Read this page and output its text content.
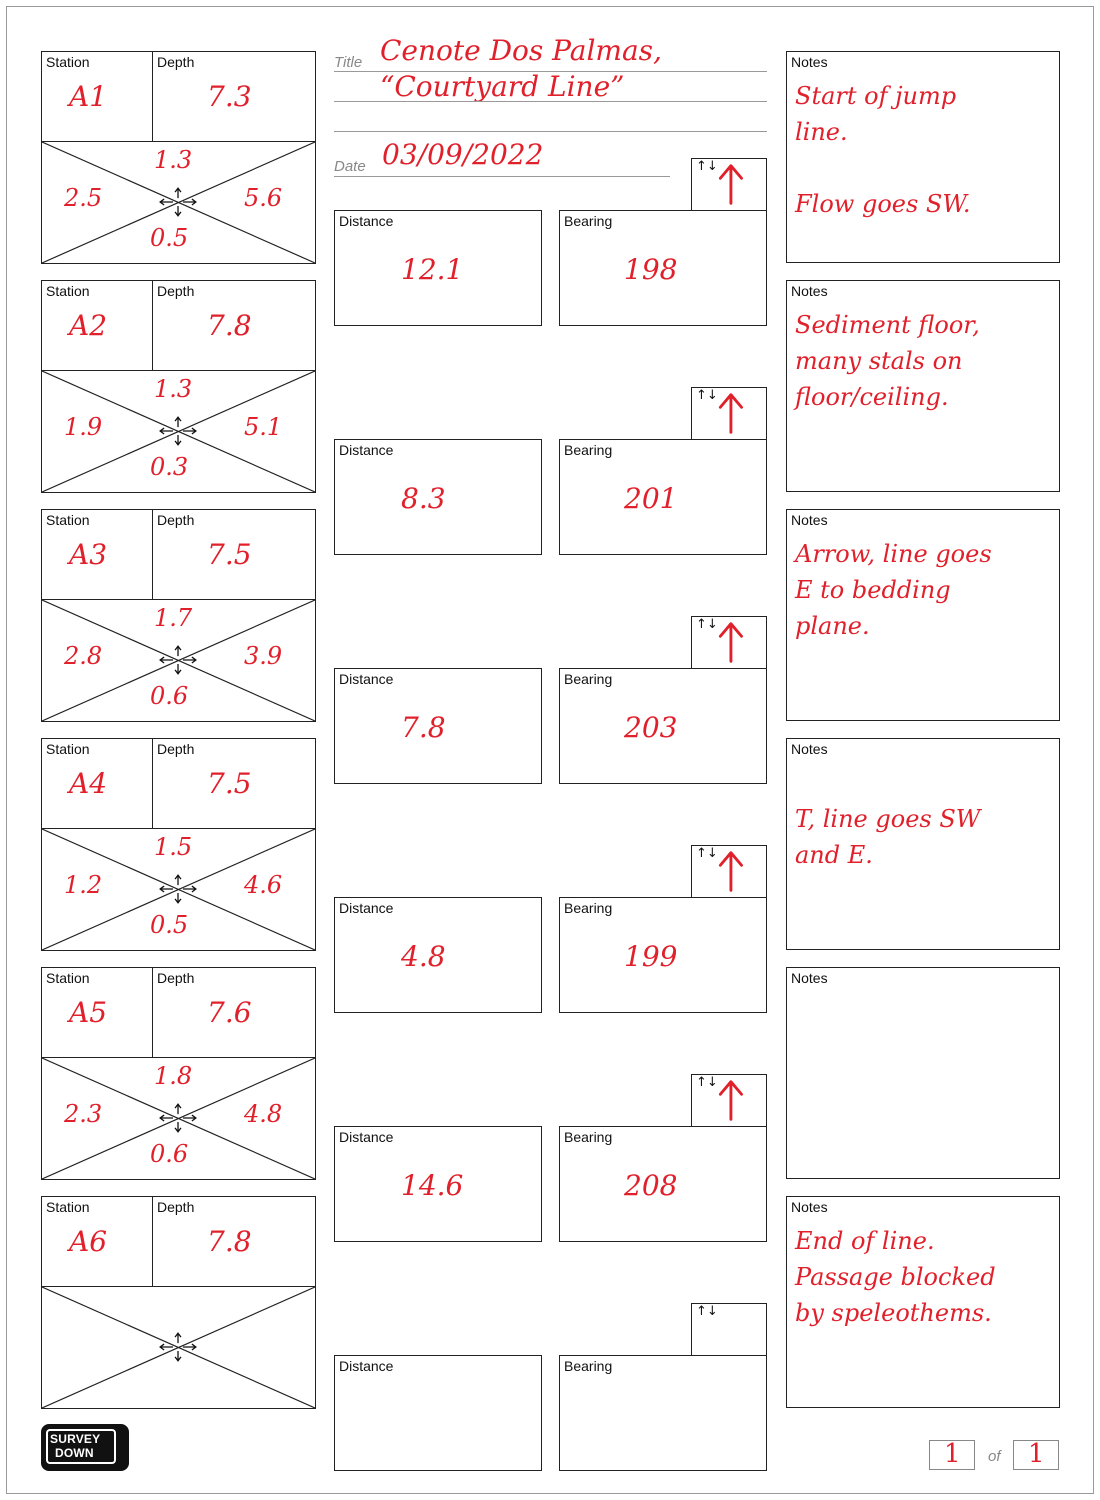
Title Cenote Dos Palmas,
“Courtyard Line”
Date 03/09/2022
Station	Depth
A1	7.3
1.3
2.5	5.6
0.5
↑↓
Distance
12.1
Bearing
198
Notes
Start of jump
line.

Flow goes SW.
Station	Depth
A2	7.8
1.3
1.9	5.1
0.3
↑↓
Distance
8.3
Bearing
201
Notes
Sediment floor,
many stals on
floor/ceiling.
Station	Depth
A3	7.5
1.7
2.8	3.9
0.6
↑↓
Distance
7.8
Bearing
203
Notes
Arrow, line goes
E to bedding
plane.
Station	Depth
A4	7.5
1.5
1.2	4.6
0.5
↑↓
Distance
4.8
Bearing
199
Notes

T, line goes SW
and E.
Station	Depth
A5	7.6
1.8
2.3	4.8
0.6
↑↓
Distance
14.6
Bearing
208
Notes
Station	Depth
A6	7.8
↑↓
Distance	Bearing
Notes
End of line.
Passage blocked
by speleothems.
SURVEY
DOWN	1 of 1
